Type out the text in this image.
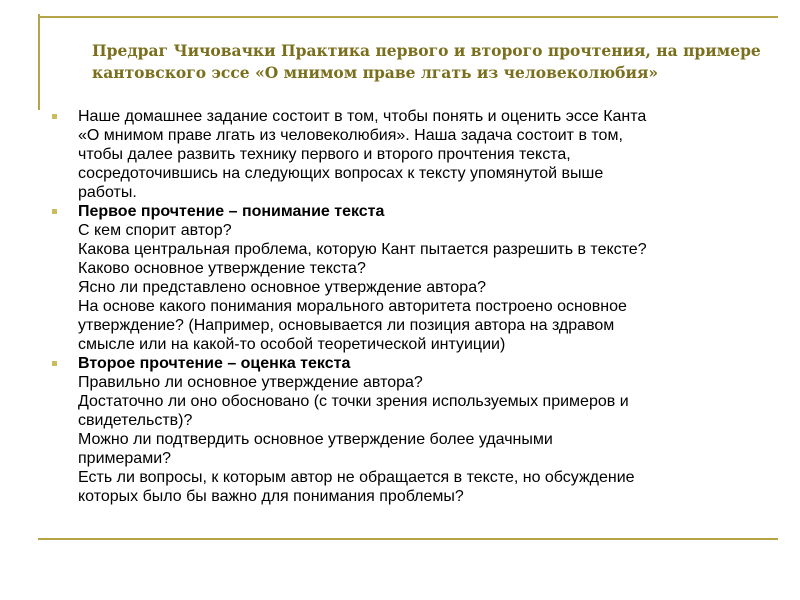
Предраг Чичовачки Практика первого и второго прочтения, на примере
кантовского эссе «О мнимом праве лгать из человеколюбия»
Наше домашнее задание состоит в том, чтобы понять и оценить эссе Канта
«О мнимом праве лгать из человеколюбия». Наша задача состоит в том,
чтобы далее развить технику первого и второго прочтения текста,
сосредоточившись на следующих вопросах к тексту упомянутой выше
работы.
Первое прочтение – понимание текста
С кем спорит автор?
Какова центральная проблема, которую Кант пытается разрешить в тексте?
Каково основное утверждение текста?
Ясно ли представлено основное утверждение автора?
На основе какого понимания морального авторитета построено основное
утверждение? (Например, основывается ли позиция автора на здравом
смысле или на какой-то особой теоретической интуиции)
Второе прочтение – оценка текста
Правильно ли основное утверждение автора?
Достаточно ли оно обосновано (с точки зрения используемых примеров и
свидетельств)?
Можно ли подтвердить основное утверждение более удачными
примерами?
Есть ли вопросы, к которым автор не обращается в тексте, но обсуждение
которых было бы важно для понимания проблемы?
